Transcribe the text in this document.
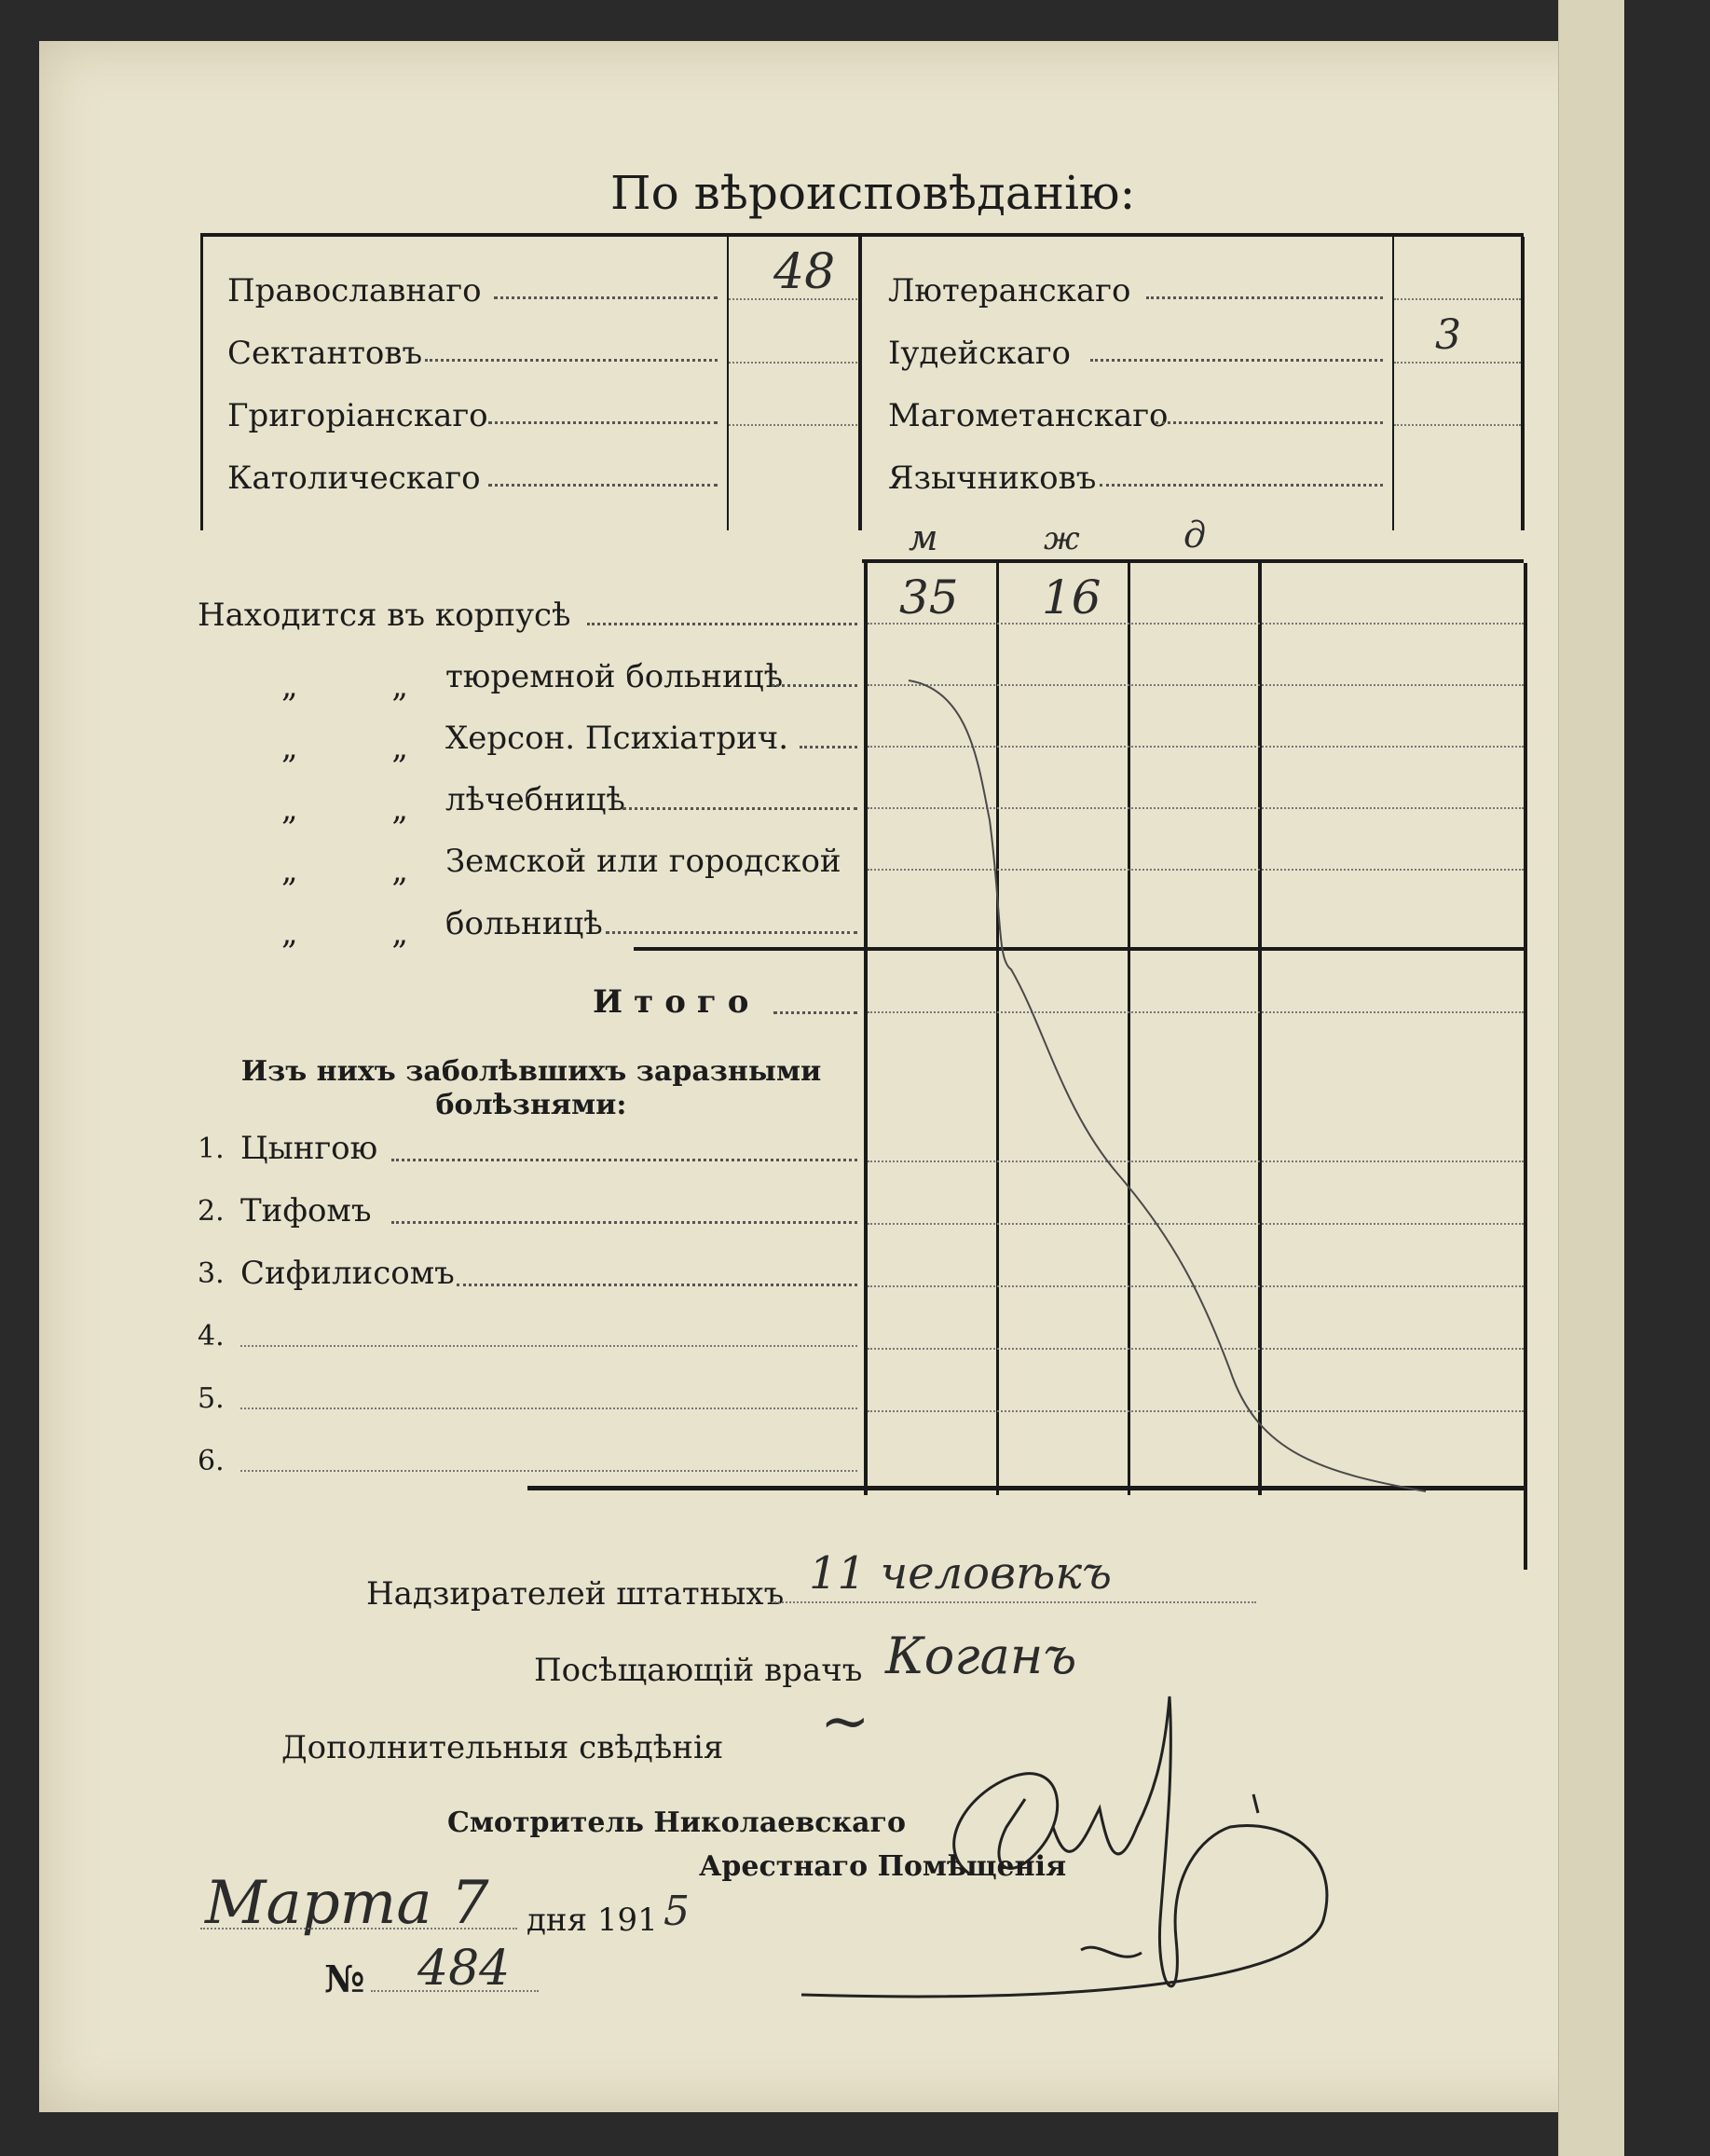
По вѣроисповѣданію:
Православнаго	48
Сектантовъ
Григоріанскаго
Католическаго
Лютеранскаго
Іудейскаго	3
Магометанскаго
Язычниковъ
м	ж	д
Находится въ корпусѣ	35 16
„ „ тюремной больницѣ
„ „ Херсон. Психіатрич.
„ „ лѣчебницѣ
„ „ Земской или городской
„ „ больницѣ
Итого
Изъ нихъ заболѣвшихъ заразными болѣзнями:
1. Цынгою
2. Тифомъ
3. Сифилисомъ
4.
5.
6.
Надзирателей штатныхъ 11 человѣкъ
Посѣщающій врачъ Коганъ
Дополнительныя свѣдѣнія ~
Смотритель Николаевскаго
Арестнаго Помѣщенія
Марта 7 дня 191 5
№ 484
